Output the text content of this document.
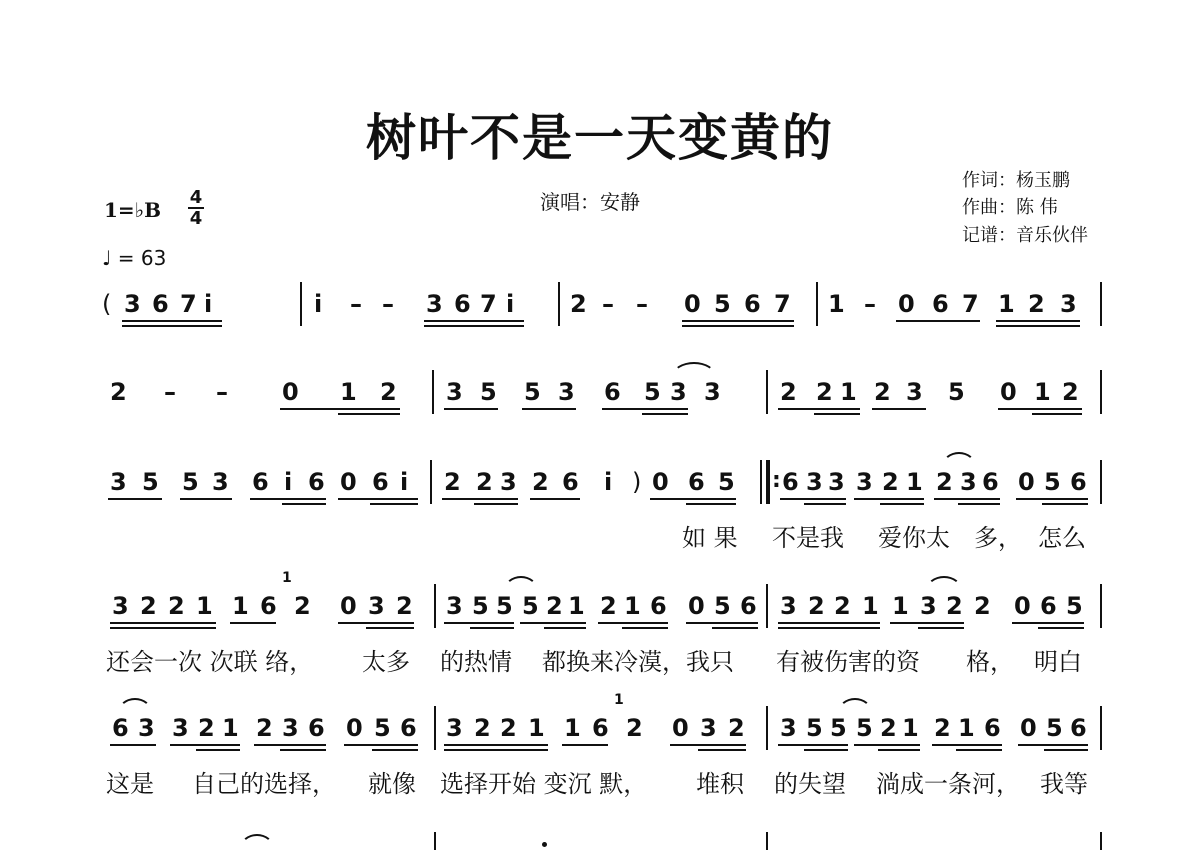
树叶不是一天变黄的
演唱：安静
作词：杨玉鹏
作曲：陈 伟
记谱：音乐伙伴
1=♭B
4
4
♩ = 63
( 3 6 7 i	i – – 3 6 7 i 2 – – 0 5 6 7 1 – 0 6 7 1 2 3
2 – – 0 1 2 3 5 5 3 6 5 3 3 2 2 1 2 3 5 0 1 2
3 5 5 3 6 i 6 0 6 i 2 2 3 2 6 i ) 0 6 5 : 6 3 3 3 2 1 2 3 6 0 5 6
如 果 不是我 爱你太 多， 怎么
3 2 2 1 1 6 2
1
0 3 2 3 5 5 5 2 1 2 1 6 0 5 6 3 2 2 1 1 3 2 2 0 6 5
还会一次 次联 络， 太多 的热情 都换来冷漠，我只 有被伤害的资 格， 明白
6 3 3 2 1 2 3 6 0 5 6 3 2 2 1 1 6 2
1
0 3 2 3 5 5 5 2 1 2 1 6 0 5 6
这是 自己的选择， 就像 选择开始 变沉 默， 堆积 的失望 淌成一条河， 我等
